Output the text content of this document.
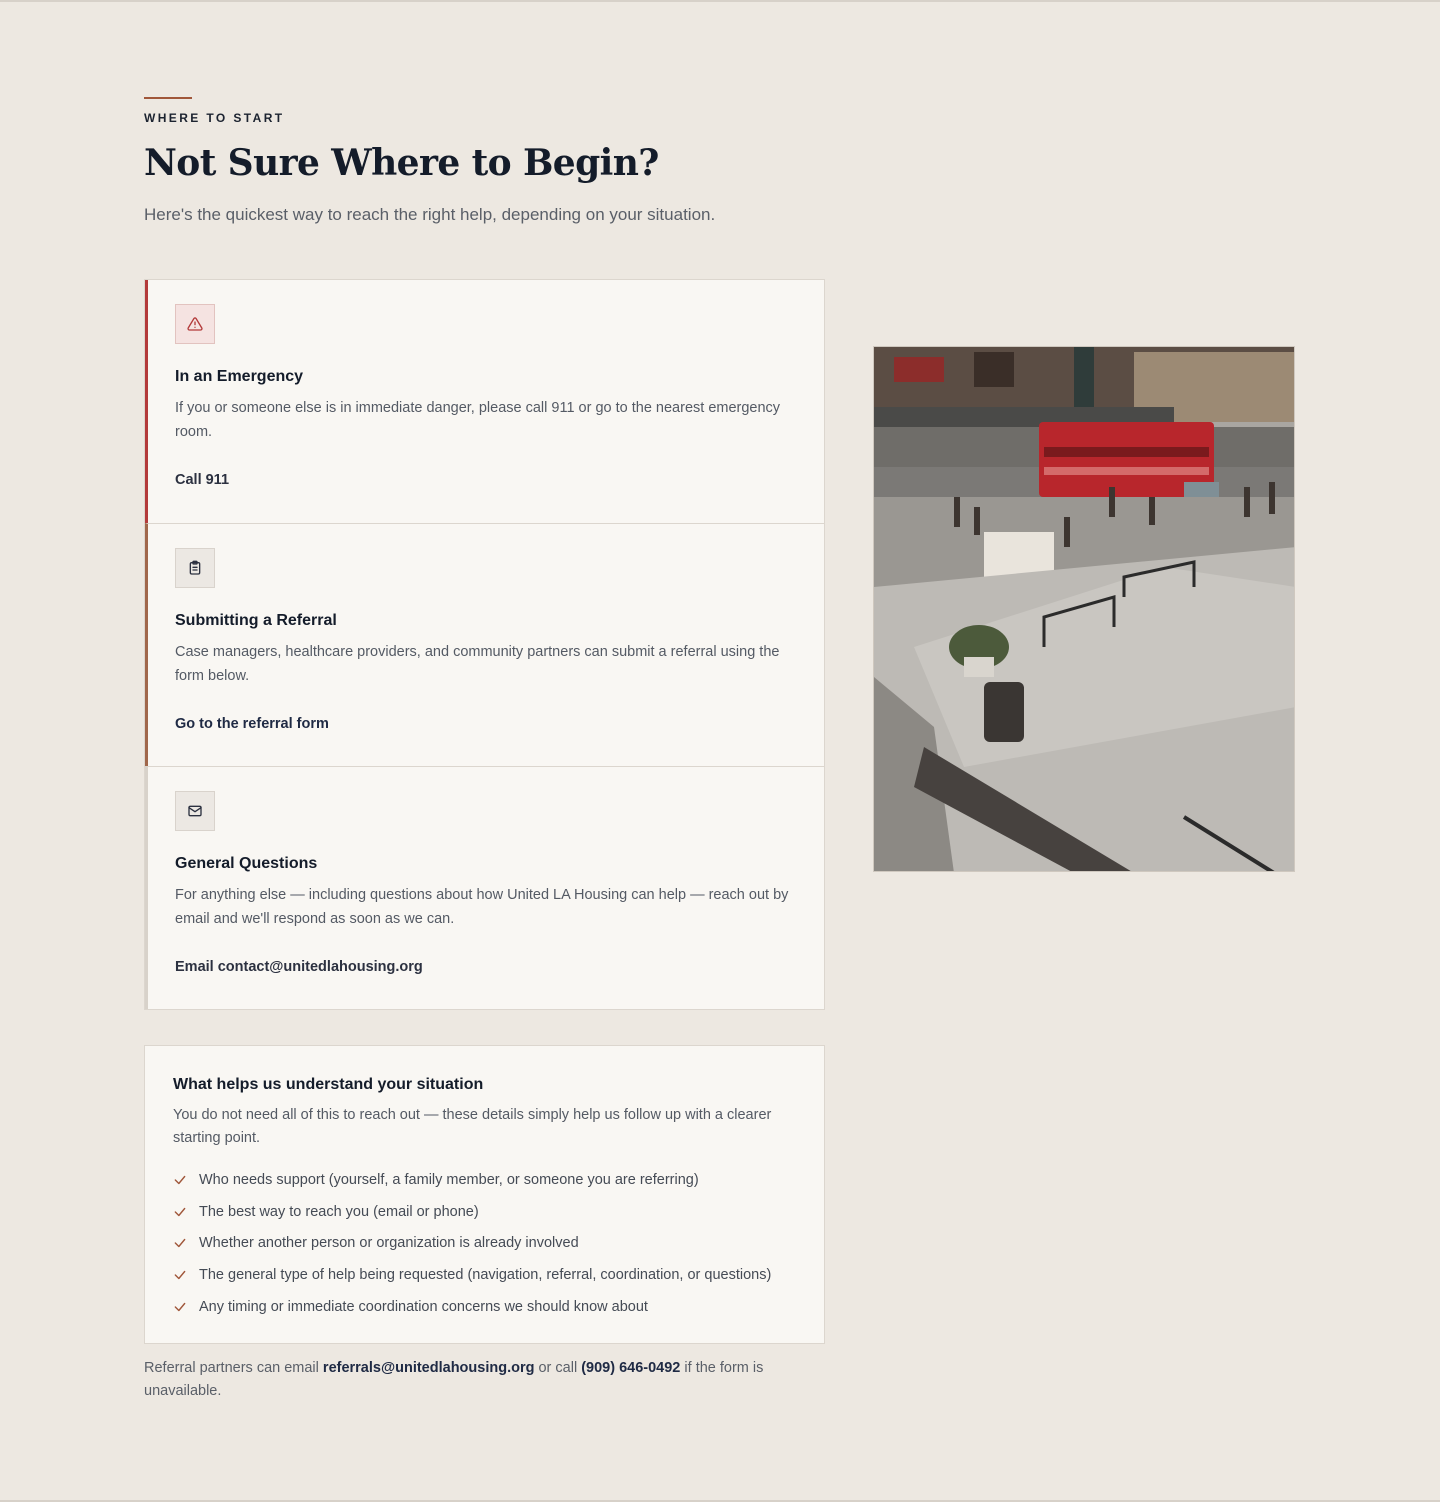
WHERE TO START
Not Sure Where to Begin?

Here's the quickest way to reach the right help, depending on your situation.

In an Emergency
If you or someone else is in immediate danger, please call 911 or go to the nearest emergency room.
Call 911
Submitting a Referral
Case managers, healthcare providers, and community partners can submit a referral using the form below.
Go to the referral form
General Questions
For anything else — including questions about how United LA Housing can help — reach out by email and we'll respond as soon as we can.
Email contact@unitedlahousing.org
What helps us understand your situation
You do not need all of this to reach out — these details simply help us follow up with a clearer starting point.
Who needs support (yourself, a family member, or someone you are referring)
The best way to reach you (email or phone)
Whether another person or organization is already involved
The general type of help being requested (navigation, referral, coordination, or questions)
Any timing or immediate coordination concerns we should know about

Referral partners can email referrals@unitedlahousing.org or call (909) 646-0492 if the form is unavailable.
